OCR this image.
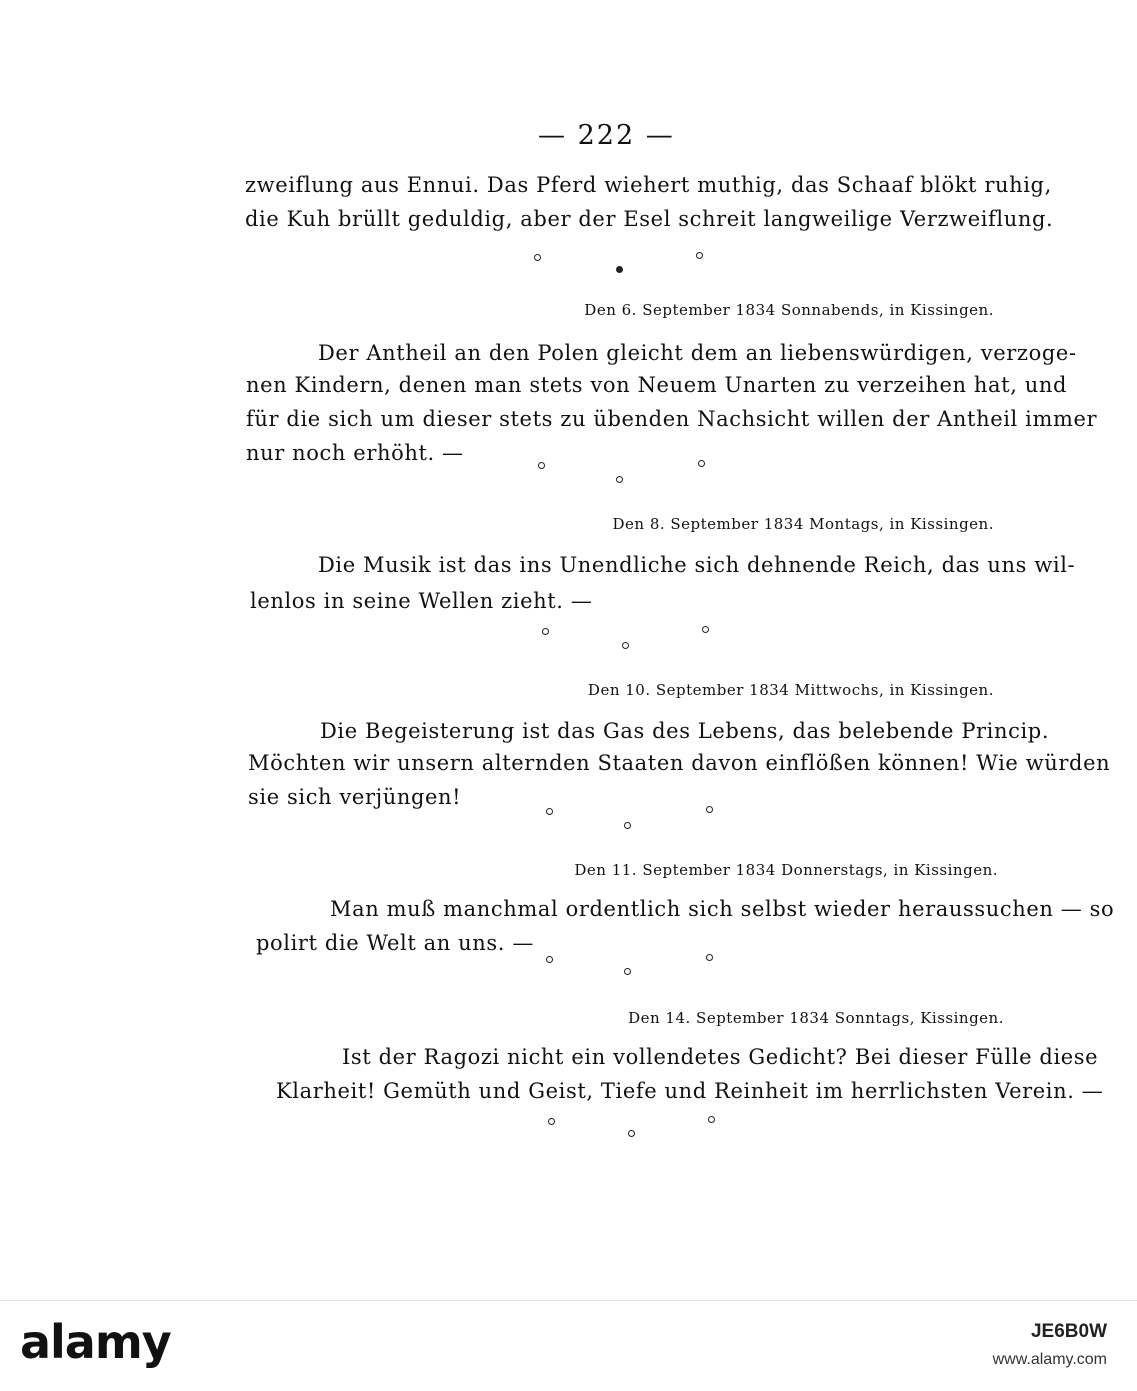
— 222 —
zweiflung aus Ennui. Das Pferd wiehert muthig, das Schaaf blökt ruhig,
die Kuh brüllt geduldig, aber der Esel schreit langweilige Verzweiflung.
Den 6. September 1834 Sonnabends, in Kissingen.
Der Antheil an den Polen gleicht dem an liebenswürdigen, verzoge-
nen Kindern, denen man stets von Neuem Unarten zu verzeihen hat, und
für die sich um dieser stets zu übenden Nachsicht willen der Antheil immer
nur noch erhöht. —
Den 8. September 1834 Montags, in Kissingen.
Die Musik ist das ins Unendliche sich dehnende Reich, das uns wil-
lenlos in seine Wellen zieht. —
Den 10. September 1834 Mittwochs, in Kissingen.
Die Begeisterung ist das Gas des Lebens, das belebende Princip.
Möchten wir unsern alternden Staaten davon einflößen können! Wie würden
sie sich verjüngen!
Den 11. September 1834 Donnerstags, in Kissingen.
Man muß manchmal ordentlich sich selbst wieder heraussuchen — so
polirt die Welt an uns. —
Den 14. September 1834 Sonntags, Kissingen.
Ist der Ragozi nicht ein vollendetes Gedicht? Bei dieser Fülle diese
Klarheit! Gemüth und Geist, Tiefe und Reinheit im herrlichsten Verein. —
alamy	JE6B0W
www.alamy.com
